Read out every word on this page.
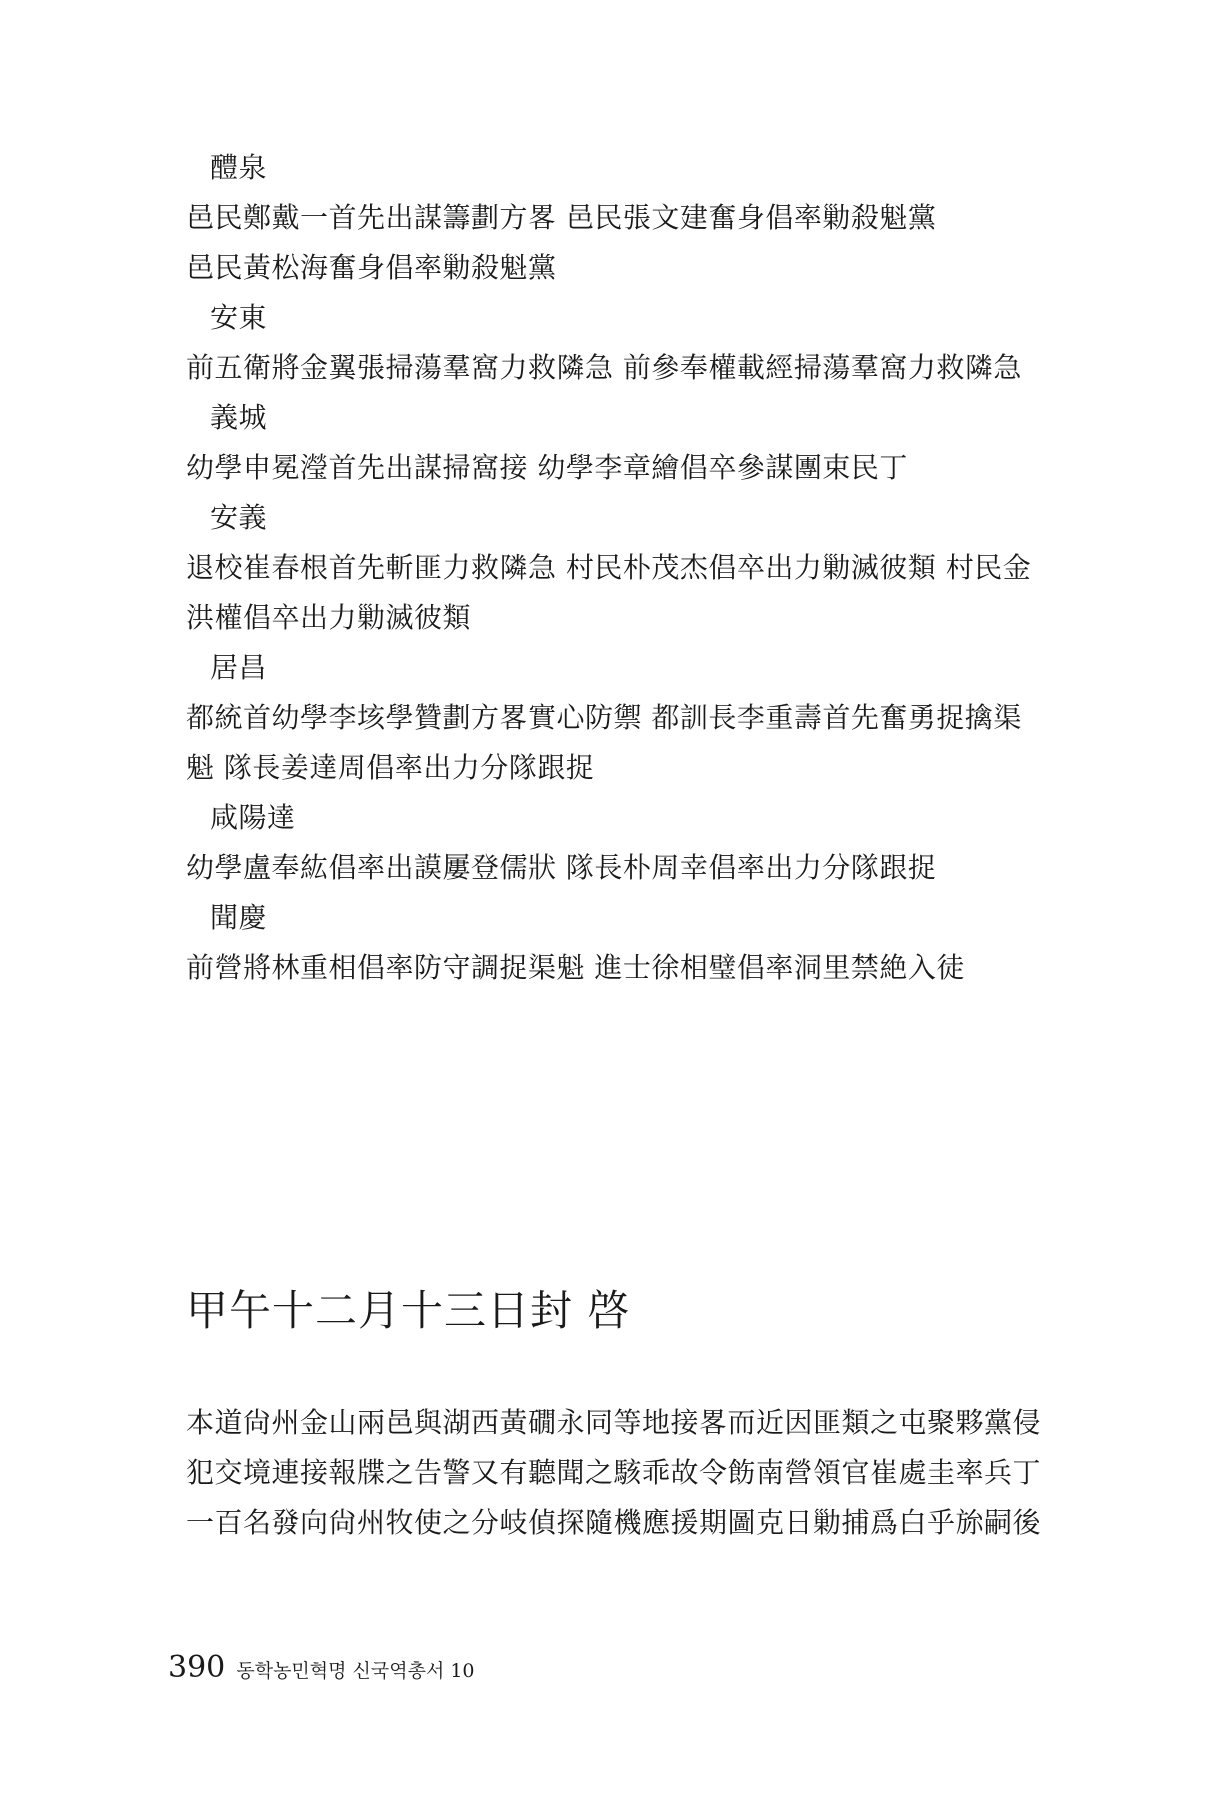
醴泉
邑民鄭戴一首先出謀籌劃方畧 邑民張文建奮身倡率勦殺魁黨
邑民黃松海奮身倡率勦殺魁黨
安東
前五衛將金翼張掃蕩羣窩力救隣急 前參奉權載經掃蕩羣窩力救隣急
義城
幼學申冕瀅首先出謀掃窩接 幼學李章繪倡卒參謀團束民丁
安義
退校崔春根首先斬匪力救隣急 村民朴茂杰倡卒出力勦滅彼類 村民金
洪權倡卒出力勦滅彼類
居昌
都統首幼學李垓學贊劃方畧實心防禦 都訓長李重壽首先奮勇捉擒渠
魁 隊長姜達周倡率出力分隊跟捉
咸陽達
幼學盧奉紘倡率出謨屢登儒狀 隊長朴周幸倡率出力分隊跟捉
聞慶
前營將林重相倡率防守調捉渠魁 進士徐相璧倡率洞里禁絶入徒
甲午十二月十三日封 啓
本道尙州金山兩邑與湖西黃礀永同等地接畧而近因匪類之屯聚夥黨侵
犯交境連接報牒之告警又有聽聞之駭乖故令飭南營領官崔處圭率兵丁
一百名發向尙州牧使之分岐偵探隨機應援期圖克日勦捕爲白乎旀嗣後
390 동학농민혁명 신국역총서 10
